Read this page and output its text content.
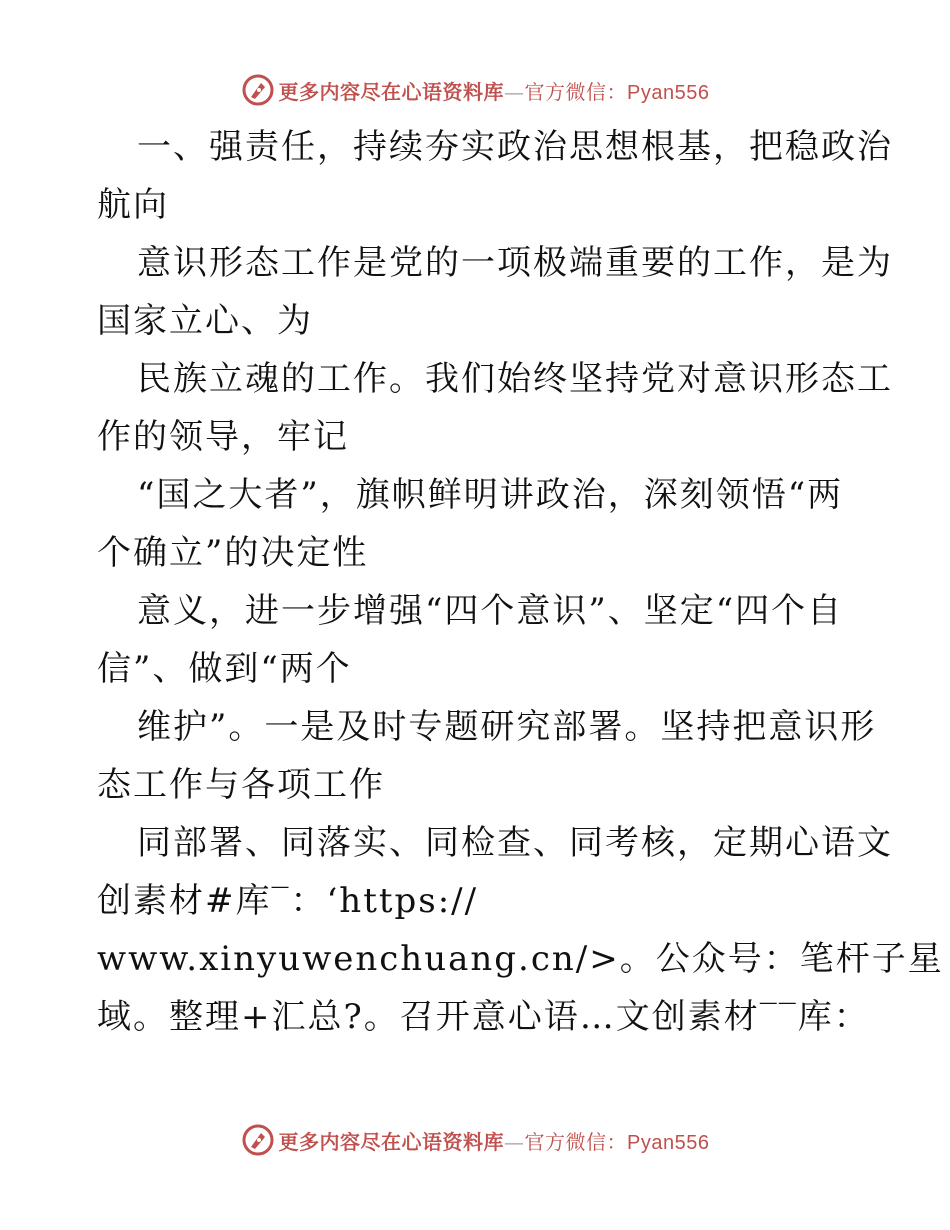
更多内容尽在心语资料库—官方微信：Pyan556
一、强责任，持续夯实政治思想根基，把稳政治
航向
意识形态工作是党的一项极端重要的工作，是为
国家立心、为
民族立魂的工作。我们始终坚持党对意识形态工
作的领导，牢记
“国之大者”，旗帜鲜明讲政治，深刻领悟“两
个确立”的决定性
意义，进一步增强“四个意识”、坚定“四个自
信”、做到“两个
维护”。一是及时专题研究部署。坚持把意识形
态工作与各项工作
同部署、同落实、同检查、同考核，定期心语文
创素材#库‾：‘https://
www.xinyuwenchuang.cn/>。公众号：笔杆子星
域。整理+汇总?。召开意心语…文创素材‾‾库：
更多内容尽在心语资料库—官方微信：Pyan556
